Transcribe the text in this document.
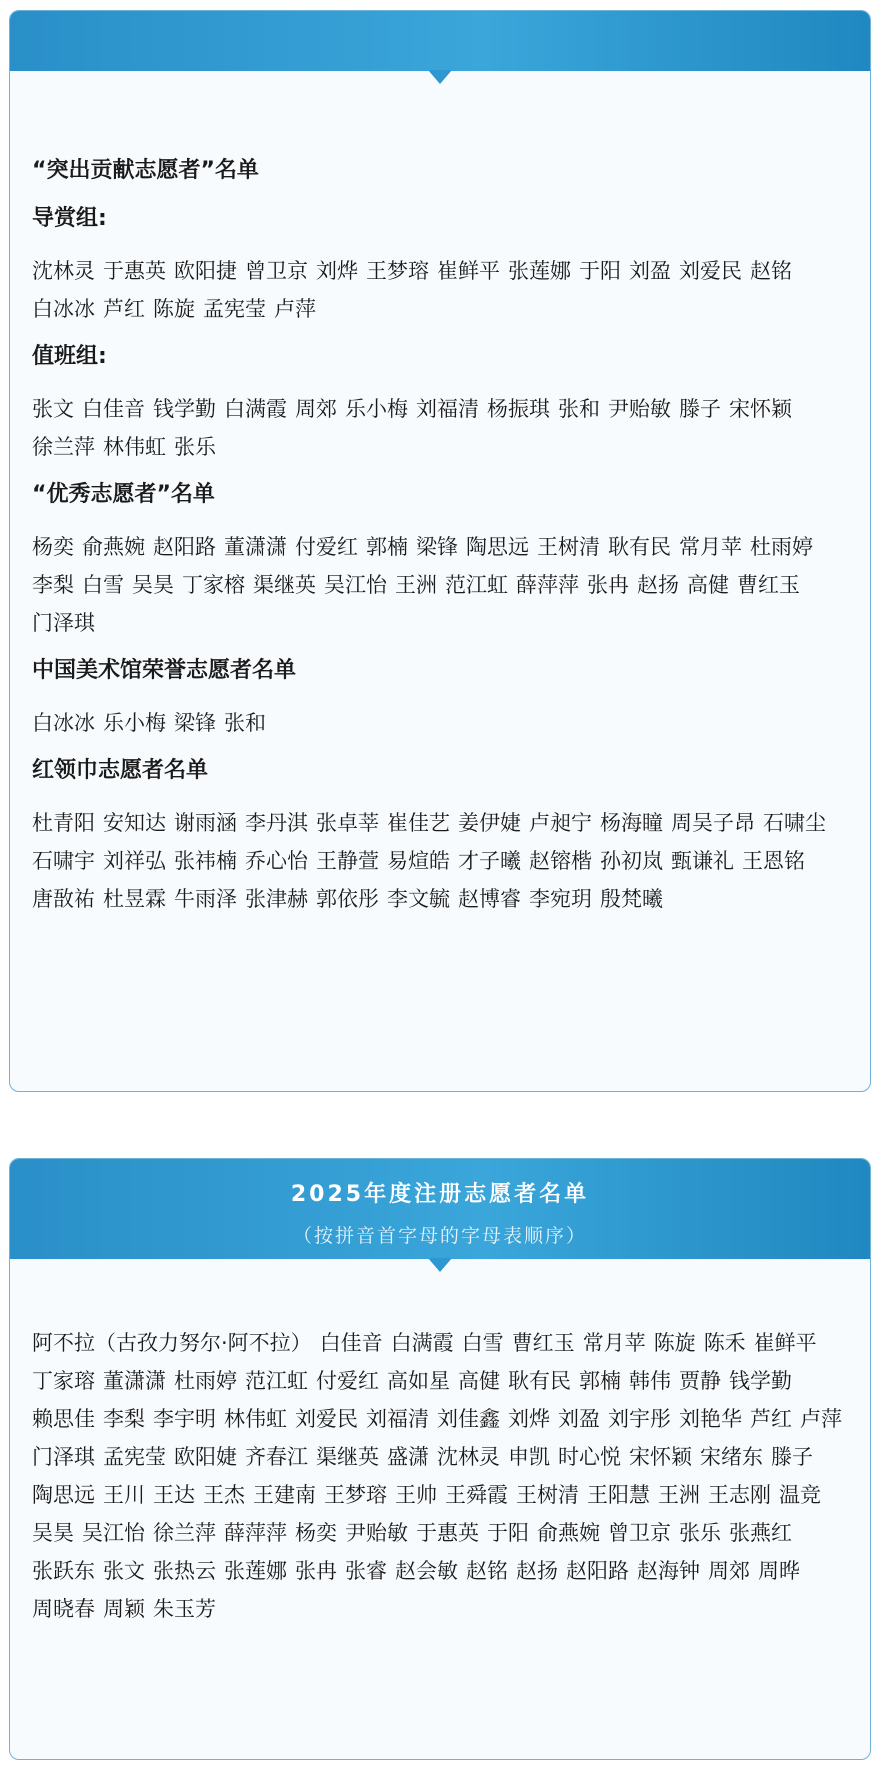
“突出贡献志愿者”名单
导赏组:
沈林灵 于惠英 欧阳捷 曾卫京 刘烨 王梦瑢 崔鲜平 张莲娜 于阳 刘盈 刘爱民 赵铭白冰冰 芦红 陈旋 孟宪莹 卢萍
值班组:
张文 白佳音 钱学勤 白满霞 周郊 乐小梅 刘福清 杨振琪 张和 尹贻敏 滕子 宋怀颖徐兰萍 林伟虹 张乐
“优秀志愿者”名单
杨奕 俞燕婉 赵阳路 董潇潇 付爱红 郭楠 梁锋 陶思远 王树清 耿有民 常月苹 杜雨婷李梨 白雪 吴昊 丁家榕 渠继英 吴江怡 王洲 范江虹 薛萍萍 张冉 赵扬 高健 曹红玉门泽琪
中国美术馆荣誉志愿者名单
白冰冰 乐小梅 梁锋 张和
红领巾志愿者名单
杜青阳 安知达 谢雨涵 李丹淇 张卓莘 崔佳艺 姜伊婕 卢昶宁 杨海瞳 周吴子昂 石啸尘石啸宇 刘祥弘 张祎楠 乔心怡 王静萱 易煊皓 才子曦 赵镕楷 孙初岚 甄谦礼 王恩铭唐敔祐 杜昱霖 牛雨泽 张津赫 郭依彤 李文毓 赵博睿 李宛玥 殷梵曦
2025年度注册志愿者名单
（按拼音首字母的字母表顺序）
阿不拉（古孜力努尔·阿不拉） 白佳音 白满霞 白雪 曹红玉 常月苹 陈旋 陈禾 崔鲜平丁家瑢 董潇潇 杜雨婷 范江虹 付爱红 高如星 高健 耿有民 郭楠 韩伟 贾静 钱学勤赖思佳 李梨 李宇明 林伟虹 刘爱民 刘福清 刘佳鑫 刘烨 刘盈 刘宇彤 刘艳华 芦红 卢萍门泽琪 孟宪莹 欧阳婕 齐春江 渠继英 盛潇 沈林灵 申凯 时心悦 宋怀颖 宋绪东 滕子陶思远 王川 王达 王杰 王建南 王梦瑢 王帅 王舜霞 王树清 王阳慧 王洲 王志刚 温竞吴昊 吴江怡 徐兰萍 薛萍萍 杨奕 尹贻敏 于惠英 于阳 俞燕婉 曾卫京 张乐 张燕红张跃东 张文 张热云 张莲娜 张冉 张睿 赵会敏 赵铭 赵扬 赵阳路 赵海钟 周郊 周晔周晓春 周颖 朱玉芳
